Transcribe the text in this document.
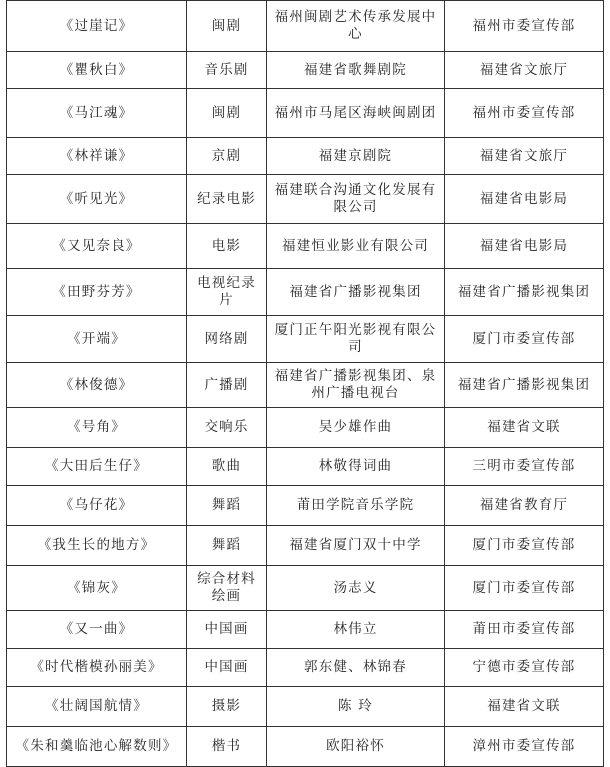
《过崖记》	闽剧	福州闽剧艺术传承发展中心	福州市委宣传部
《瞿秋白》	音乐剧	福建省歌舞剧院	福建省文旅厅
《马江魂》	闽剧	福州市马尾区海峡闽剧团	福州市委宣传部
《林祥谦》	京剧	福建京剧院	福建省文旅厅
《听见光》	纪录电影	福建联合沟通文化发展有限公司	福建省电影局
《又见奈良》	电影	福建恒业影业有限公司	福建省电影局
《田野芬芳》	电视纪录片	福建省广播影视集团	福建省广播影视集团
《开端》	网络剧	厦门正午阳光影视有限公司	厦门市委宣传部
《林俊德》	广播剧	福建省广播影视集团、泉州广播电视台	福建省广播影视集团
《号角》	交响乐	吴少雄作曲	福建省文联
《大田后生仔》	歌曲	林敬得词曲	三明市委宣传部
《乌仔花》	舞蹈	莆田学院音乐学院	福建省教育厅
《我生长的地方》	舞蹈	福建省厦门双十中学	厦门市委宣传部
《锦灰》	综合材料绘画	汤志义	厦门市委宣传部
《又一曲》	中国画	林伟立	莆田市委宣传部
《时代楷模孙丽美》	中国画	郭东健、林锦春	宁德市委宣传部
《壮阔国航情》	摄影	陈 玲	福建省文联
《朱和羹临池心解数则》	楷书	欧阳裕怀	漳州市委宣传部
